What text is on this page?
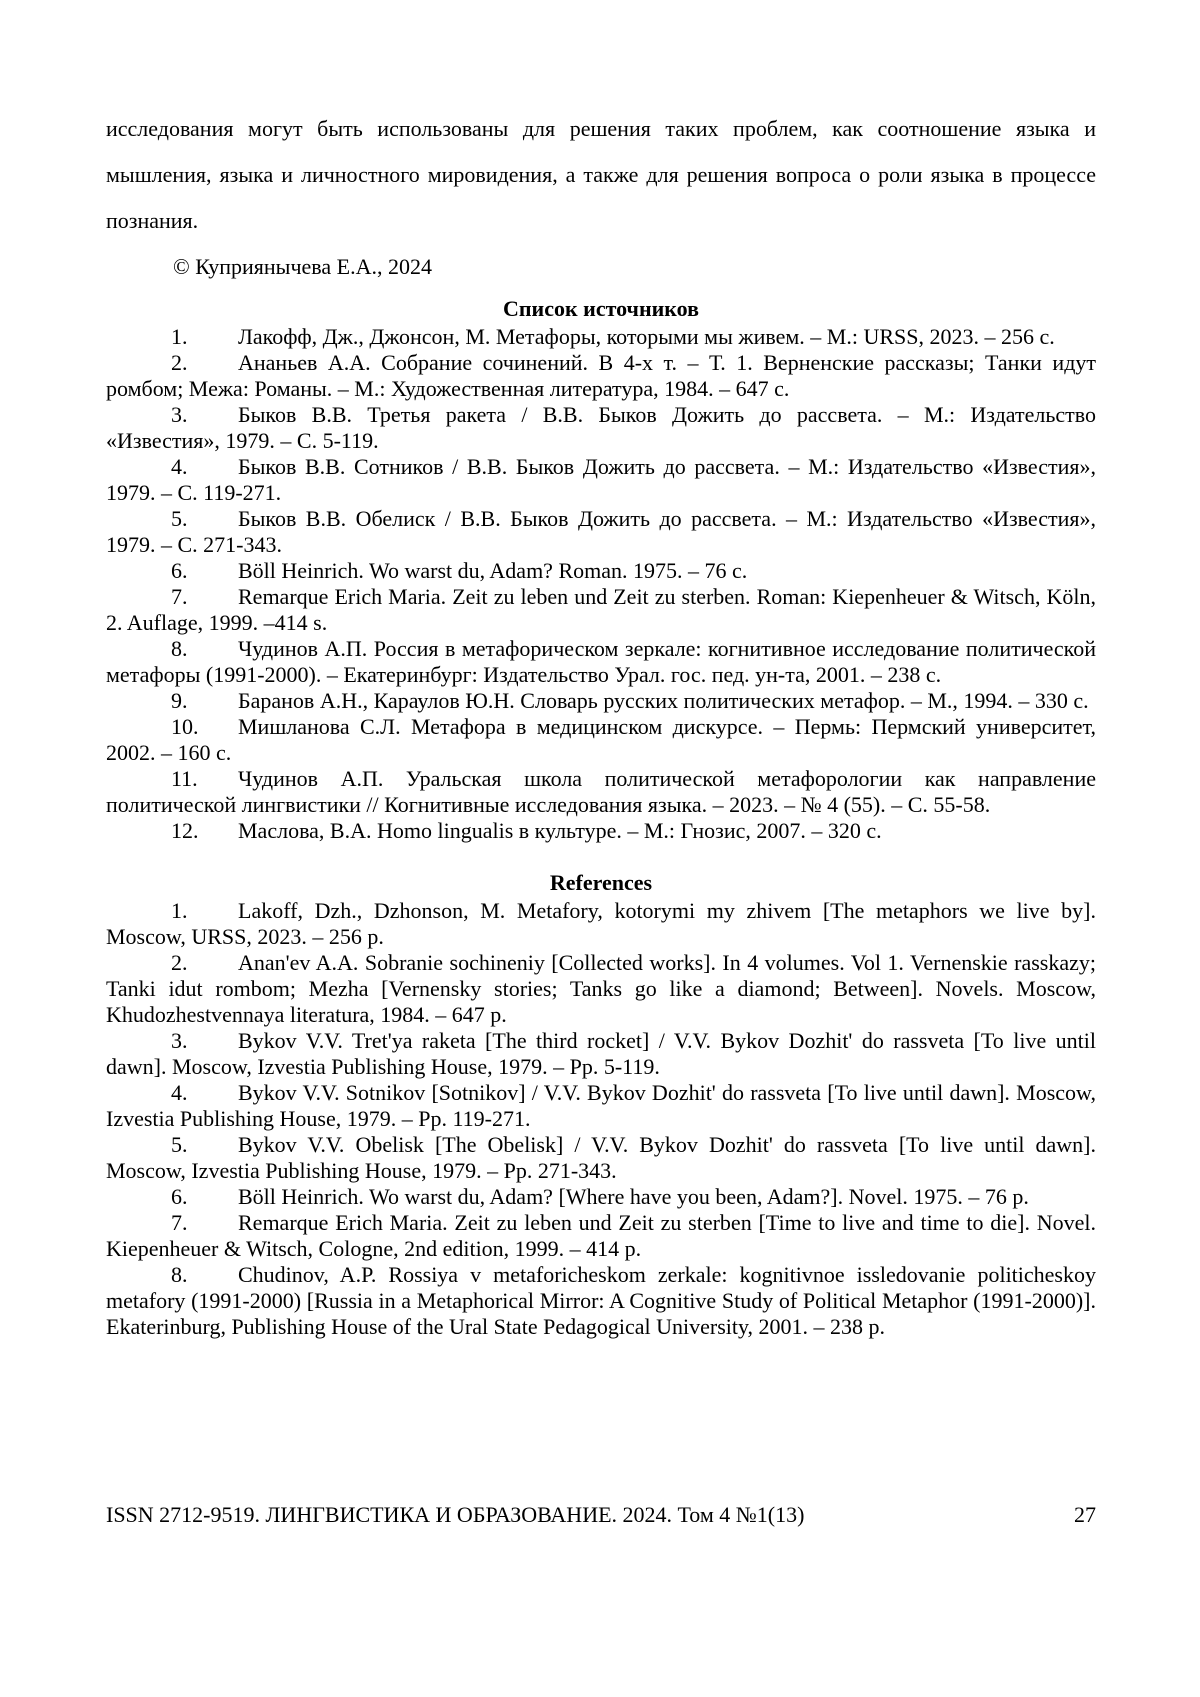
исследования могут быть использованы для решения таких проблем, как соотношение языка и мышления, языка и личностного мировидения, а также для решения вопроса о роли языка в процессе познания.

© Куприянычева Е.А., 2024

Список источников

1. Лакофф, Дж., Джонсон, М. Метафоры, которыми мы живем. – М.: URSS, 2023. – 256 с.

2. Ананьев А.А. Собрание сочинений. В 4-х т. – Т. 1. Верненские рассказы; Танки идут ромбом; Межа: Романы. – М.: Художественная литература, 1984. – 647 с.

3. Быков В.В. Третья ракета / В.В. Быков Дожить до рассвета. – М.: Издательство «Известия», 1979. – С. 5-119.

4. Быков В.В. Сотников / В.В. Быков Дожить до рассвета. – М.: Издательство «Известия», 1979. – С. 119-271.

5. Быков В.В. Обелиск / В.В. Быков Дожить до рассвета. – М.: Издательство «Известия», 1979. – С. 271-343.

6. Böll Heinrich. Wo warst du, Adam? Roman. 1975. – 76 с.

7. Remarque Erich Maria. Zeit zu leben und Zeit zu sterben. Roman: Kiepenheuer & Witsch, Köln, 2. Auflage, 1999. –414 s.

8. Чудинов А.П. Россия в метафорическом зеркале: когнитивное исследование политической метафоры (1991-2000). – Екатеринбург: Издательство Урал. гос. пед. ун-та, 2001. – 238 с.

9. Баранов А.Н., Караулов Ю.Н. Словарь русских политических метафор. – М., 1994. – 330 с.

10. Мишланова С.Л. Метафора в медицинском дискурсе. – Пермь: Пермский университет, 2002. – 160 с.

11. Чудинов А.П. Уральская школа политической метафорологии как направление политической лингвистики // Когнитивные исследования языка. – 2023. – № 4 (55). – С. 55-58.

12. Маслова, В.А. Homo lingualis в культуре. – М.: Гнозис, 2007. – 320 с.

References

1. Lakoff, Dzh., Dzhonson, M. Metafory, kotorymi my zhivem [The metaphors we live by]. Moscow, URSS, 2023. – 256 p.

2. Anan'ev A.A. Sobranie sochineniy [Collected works]. In 4 volumes. Vol 1. Vernenskie rasskazy; Tanki idut rombom; Mezha [Vernensky stories; Tanks go like a diamond; Between]. Novels. Moscow, Khudozhestvennaya literatura, 1984. – 647 p.

3. Bykov V.V. Tret'ya raketa [The third rocket] / V.V. Bykov Dozhit' do rassveta [To live until dawn]. Moscow, Izvestia Publishing House, 1979. – Pp. 5-119.

4. Bykov V.V. Sotnikov [Sotnikov] / V.V. Bykov Dozhit' do rassveta [To live until dawn]. Moscow, Izvestia Publishing House, 1979. – Pp. 119-271.

5. Bykov V.V. Obelisk [The Obelisk] / V.V. Bykov Dozhit' do rassveta [To live until dawn]. Moscow, Izvestia Publishing House, 1979. – Pp. 271-343.

6. Böll Heinrich. Wo warst du, Adam? [Where have you been, Adam?]. Novel. 1975. – 76 p.

7. Remarque Erich Maria. Zeit zu leben und Zeit zu sterben [Time to live and time to die]. Novel. Kiepenheuer & Witsch, Cologne, 2nd edition, 1999. – 414 p.

8. Chudinov, A.P. Rossiya v metaforicheskom zerkale: kognitivnoe issledovanie politicheskoy metafory (1991-2000) [Russia in a Metaphorical Mirror: A Cognitive Study of Political Metaphor (1991-2000)]. Ekaterinburg, Publishing House of the Ural State Pedagogical University, 2001. – 238 p.

ISSN 2712-9519. ЛИНГВИСТИКА И ОБРАЗОВАНИЕ. 2024. Том 4 №1(13)	27
